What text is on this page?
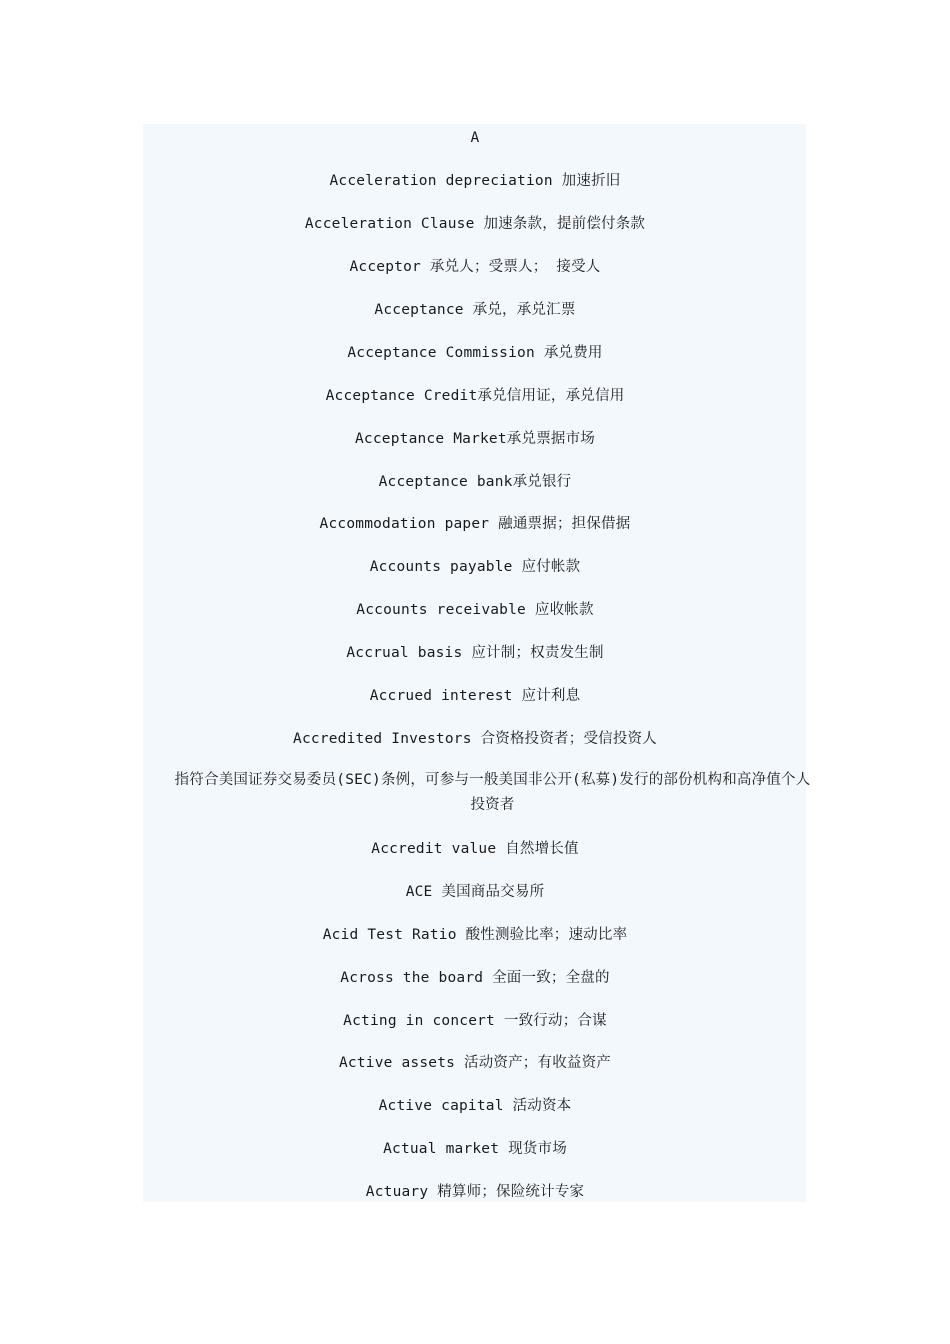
A
Acceleration depreciation 加速折旧
Acceleration Clause 加速条款，提前偿付条款
Acceptor 承兑人；受票人； 接受人
Acceptance 承兑，承兑汇票
Acceptance Commission 承兑费用
Acceptance Credit承兑信用证，承兑信用
Acceptance Market承兑票据市场
Acceptance bank承兑银行
Accommodation paper 融通票据；担保借据
Accounts payable 应付帐款
Accounts receivable 应收帐款
Accrual basis 应计制；权责发生制
Accrued interest 应计利息
Accredited Investors 合资格投资者；受信投资人
指符合美国证券交易委员(SEC)条例，可参与一般美国非公开(私募)发行的部份机构和高净值个人投资者
Accredit value 自然增长值
ACE 美国商品交易所
Acid Test Ratio 酸性测验比率；速动比率
Across the board 全面一致；全盘的
Acting in concert 一致行动；合谋
Active assets 活动资产；有收益资产
Active capital 活动资本
Actual market 现货市场
Actuary 精算师；保险统计专家
